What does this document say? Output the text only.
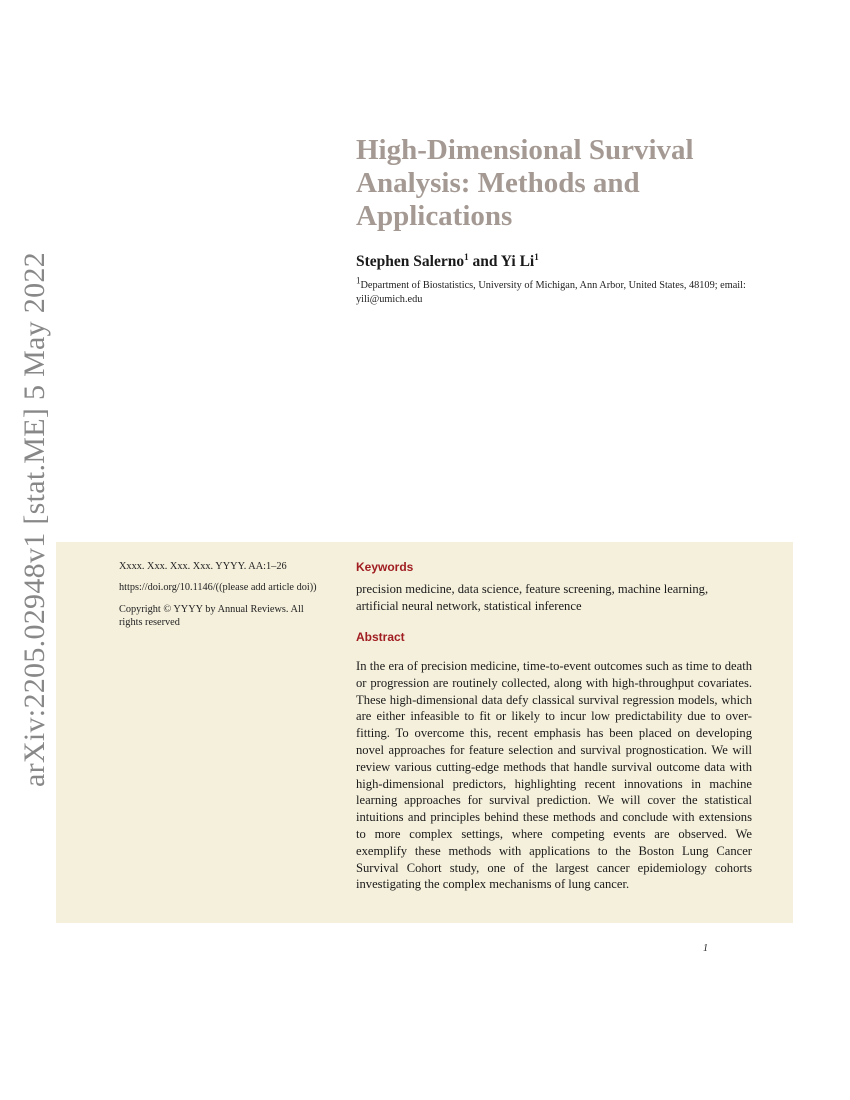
arXiv:2205.02948v1 [stat.ME] 5 May 2022
High-Dimensional Survival Analysis: Methods and Applications
Stephen Salerno$^1$ and Yi Li$^1$
$^1$Department of Biostatistics, University of Michigan, Ann Arbor, United States, 48109; email: yili@umich.edu

Xxxx. Xxx. Xxx. Xxx. YYYY. AA:1–26

https://doi.org/10.1146/((please add article doi))

Copyright © YYYY by Annual Reviews. All rights reserved

Keywords
precision medicine, data science, feature screening, machine learning, artificial neural network, statistical inference
Abstract

In the era of precision medicine, time-to-event outcomes such as time to death or progression are routinely collected, along with high-throughput covariates. These high-dimensional data defy classical survival regression models, which are either infeasible to fit or likely to incur low predictability due to over-fitting. To overcome this, recent emphasis has been placed on developing novel approaches for feature selection and survival prognostication. We will review various cutting-edge methods that handle survival outcome data with high-dimensional predictors, highlighting recent innovations in machine learning approaches for survival prediction. We will cover the statistical intuitions and principles behind these methods and conclude with extensions to more complex settings, where competing events are observed. We exemplify these methods with applications to the Boston Lung Cancer Survival Cohort study, one of the largest cancer epidemiology cohorts investigating the complex mechanisms of lung cancer.

1
